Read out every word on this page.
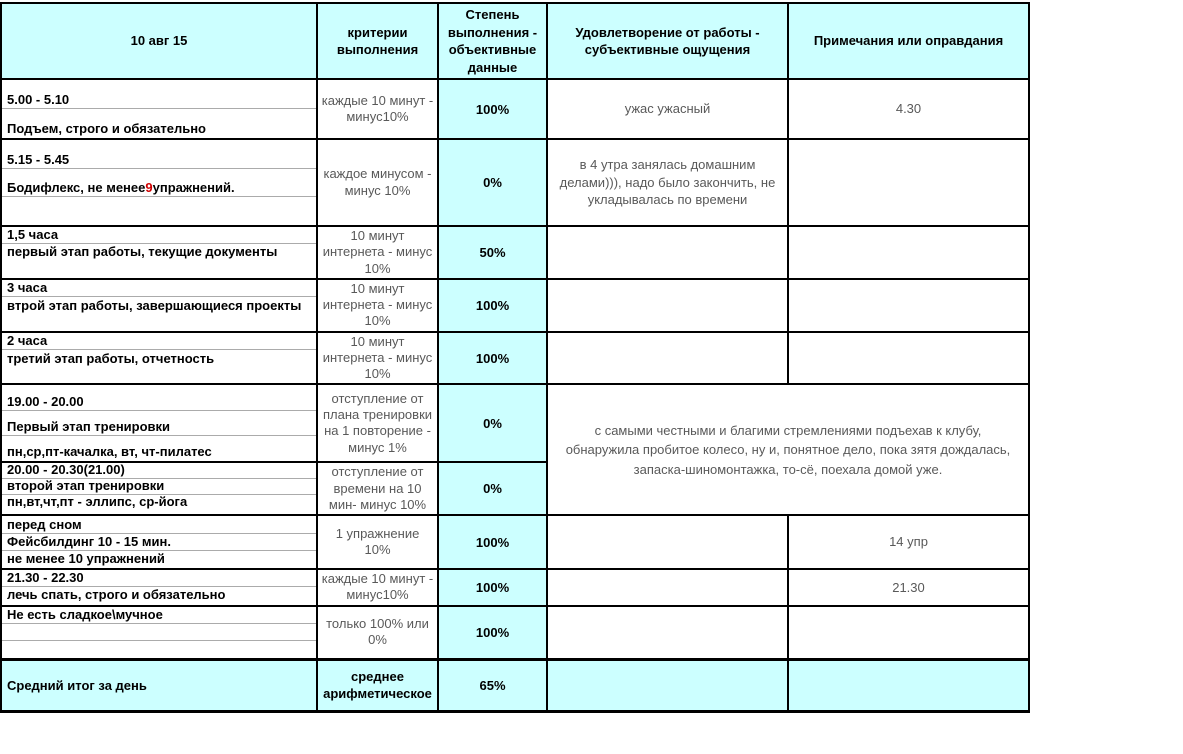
10 авг 15	критерии выполнения	Степень выполнения - объективные данные	Удовлетворение от работы - субъективные ощущения	Примечания или оправдания

5.00 - 5.10
Подъем, строго и обязательно	каждые 10 минут - минус10%	100%	ужас ужасный	4.30

5.15 - 5.45
Бодифлекс, не менее 9 упражнений.	каждое минусом - минус 10%	0%	в 4 утра занялась домашним делами))), надо было закончить, не укладывалась по времени	

1,5 часа
первый этап работы, текущие документы	10 минут интернета - минус 10%	50%		

3 часа
втрой этап работы, завершающиеся проекты	10 минут интернета - минус 10%	100%		

2 часа
третий этап работы, отчетность	10 минут интернета - минус 10%	100%		

19.00 - 20.00
Первый этап тренировки
пн,ср,пт-качалка, вт, чт-пилатес	отступление от плана тренировки на 1 повторение - минус 1%	0%	с самыми честными и благими стремлениями подъехав к клубу, обнаружила пробитое колесо, ну и, понятное дело, пока зятя дождалась, запаска-шиномонтажка, то-сё, поехала домой уже.	

20.00 - 20.30(21.00)
второй этап тренировки
пн,вт,чт,пт - эллипс, ср-йога	отступление от времени на 10 мин- минус 10%	0%		

перед сном
Фейсбилдинг 10 - 15 мин.
не менее 10 упражнений	1 упражнение 10%	100%		14 упр

21.30 - 22.30
лечь спать, строго и обязательно	каждые 10 минут - минус10%	100%		21.30

Не есть сладкое\мучное	только 100% или 0%	100%		
Средний итог за день	среднее арифметическое	65%		
